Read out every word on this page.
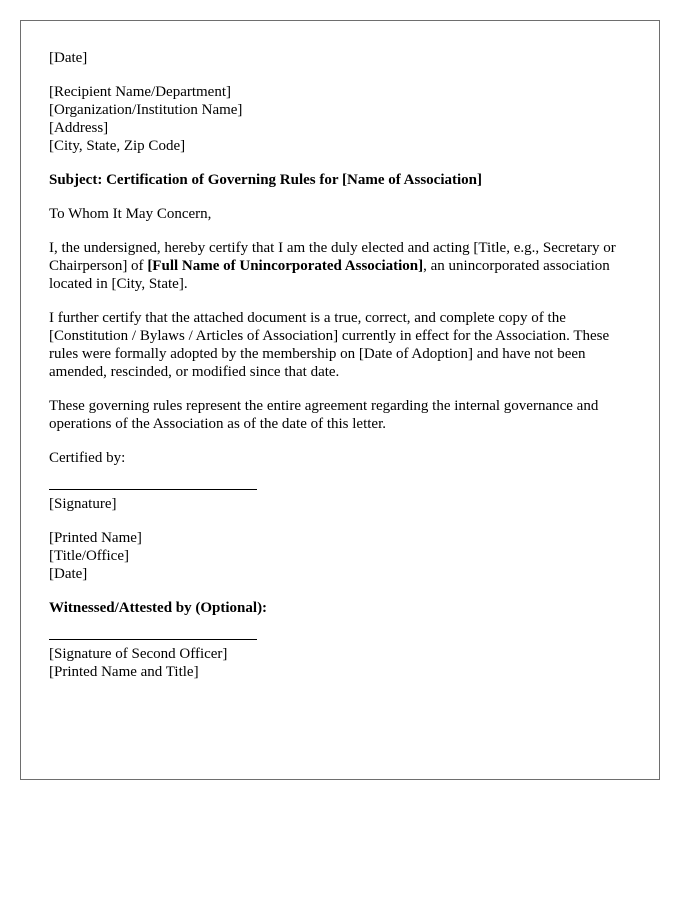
[Date]

[Recipient Name/Department]
[Organization/Institution Name]
[Address]
[City, State, Zip Code]

Subject: Certification of Governing Rules for [Name of Association]

To Whom It May Concern,

I, the undersigned, hereby certify that I am the duly elected and acting [Title, e.g., Secretary or Chairperson] of [Full Name of Unincorporated Association], an unincorporated association located in [City, State].

I further certify that the attached document is a true, correct, and complete copy of the [Constitution / Bylaws / Articles of Association] currently in effect for the Association. These rules were formally adopted by the membership on [Date of Adoption] and have not been amended, rescinded, or modified since that date.

These governing rules represent the entire agreement regarding the internal governance and operations of the Association as of the date of this letter.

Certified by:

[Signature]

[Printed Name]
[Title/Office]
[Date]

Witnessed/Attested by (Optional):

[Signature of Second Officer]
[Printed Name and Title]
